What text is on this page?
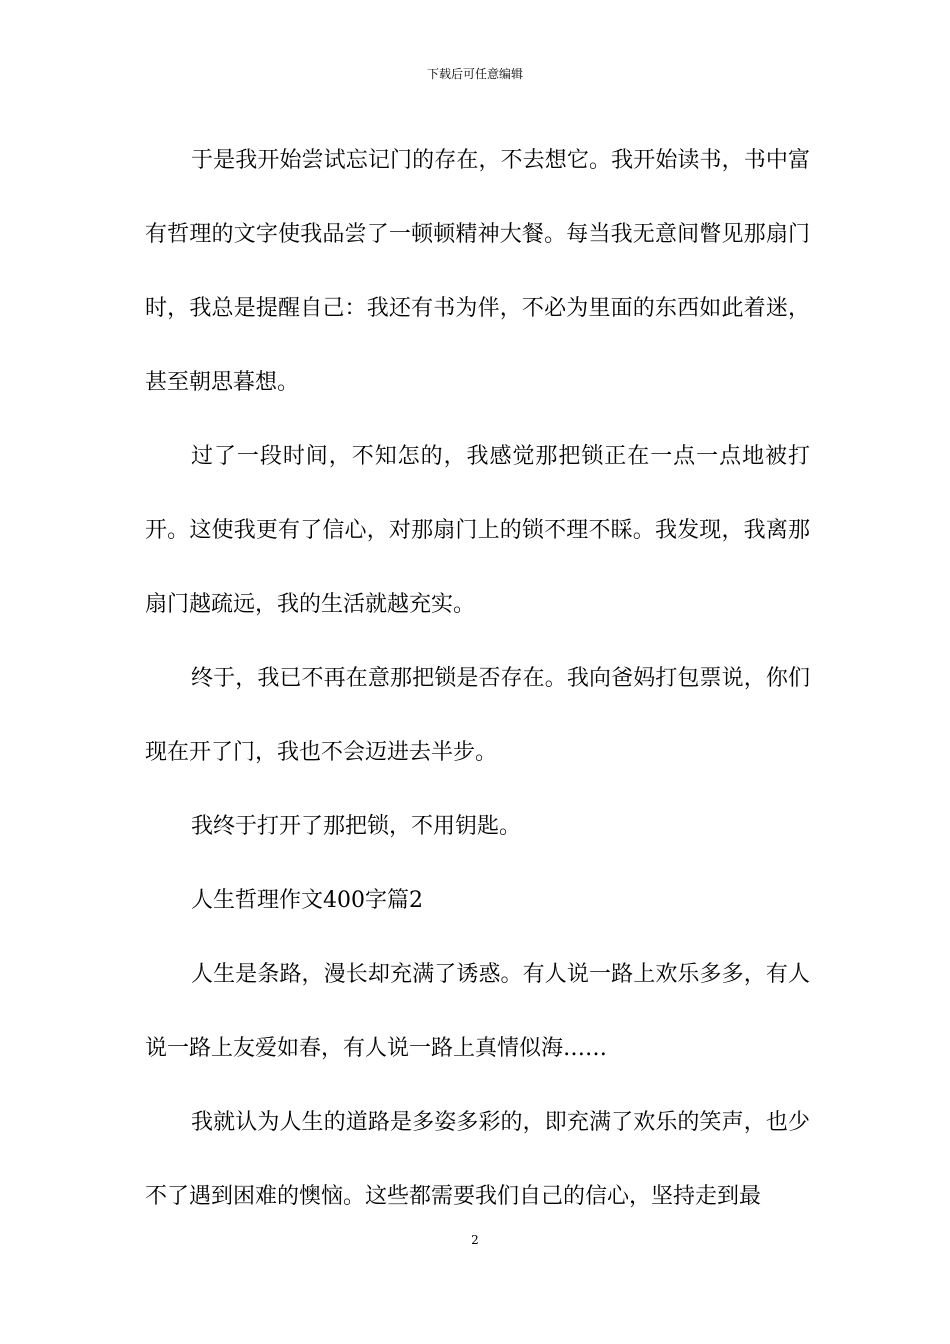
下载后可任意编辑

于是我开始尝试忘记门的存在，不去想它。我开始读书，书中富有哲理的文字使我品尝了一顿顿精神大餐。每当我无意间瞥见那扇门时，我总是提醒自己：我还有书为伴，不必为里面的东西如此着迷，甚至朝思暮想。

过了一段时间，不知怎的，我感觉那把锁正在一点一点地被打开。这使我更有了信心，对那扇门上的锁不理不睬。我发现，我离那扇门越疏远，我的生活就越充实。

终于，我已不再在意那把锁是否存在。我向爸妈打包票说，你们现在开了门，我也不会迈进去半步。

我终于打开了那把锁，不用钥匙。

人生哲理作文400字篇2

人生是条路，漫长却充满了诱惑。有人说一路上欢乐多多，有人说一路上友爱如春，有人说一路上真情似海……

我就认为人生的道路是多姿多彩的，即充满了欢乐的笑声，也少不了遇到困难的懊恼。这些都需要我们自己的信心，坚持走到最

2
